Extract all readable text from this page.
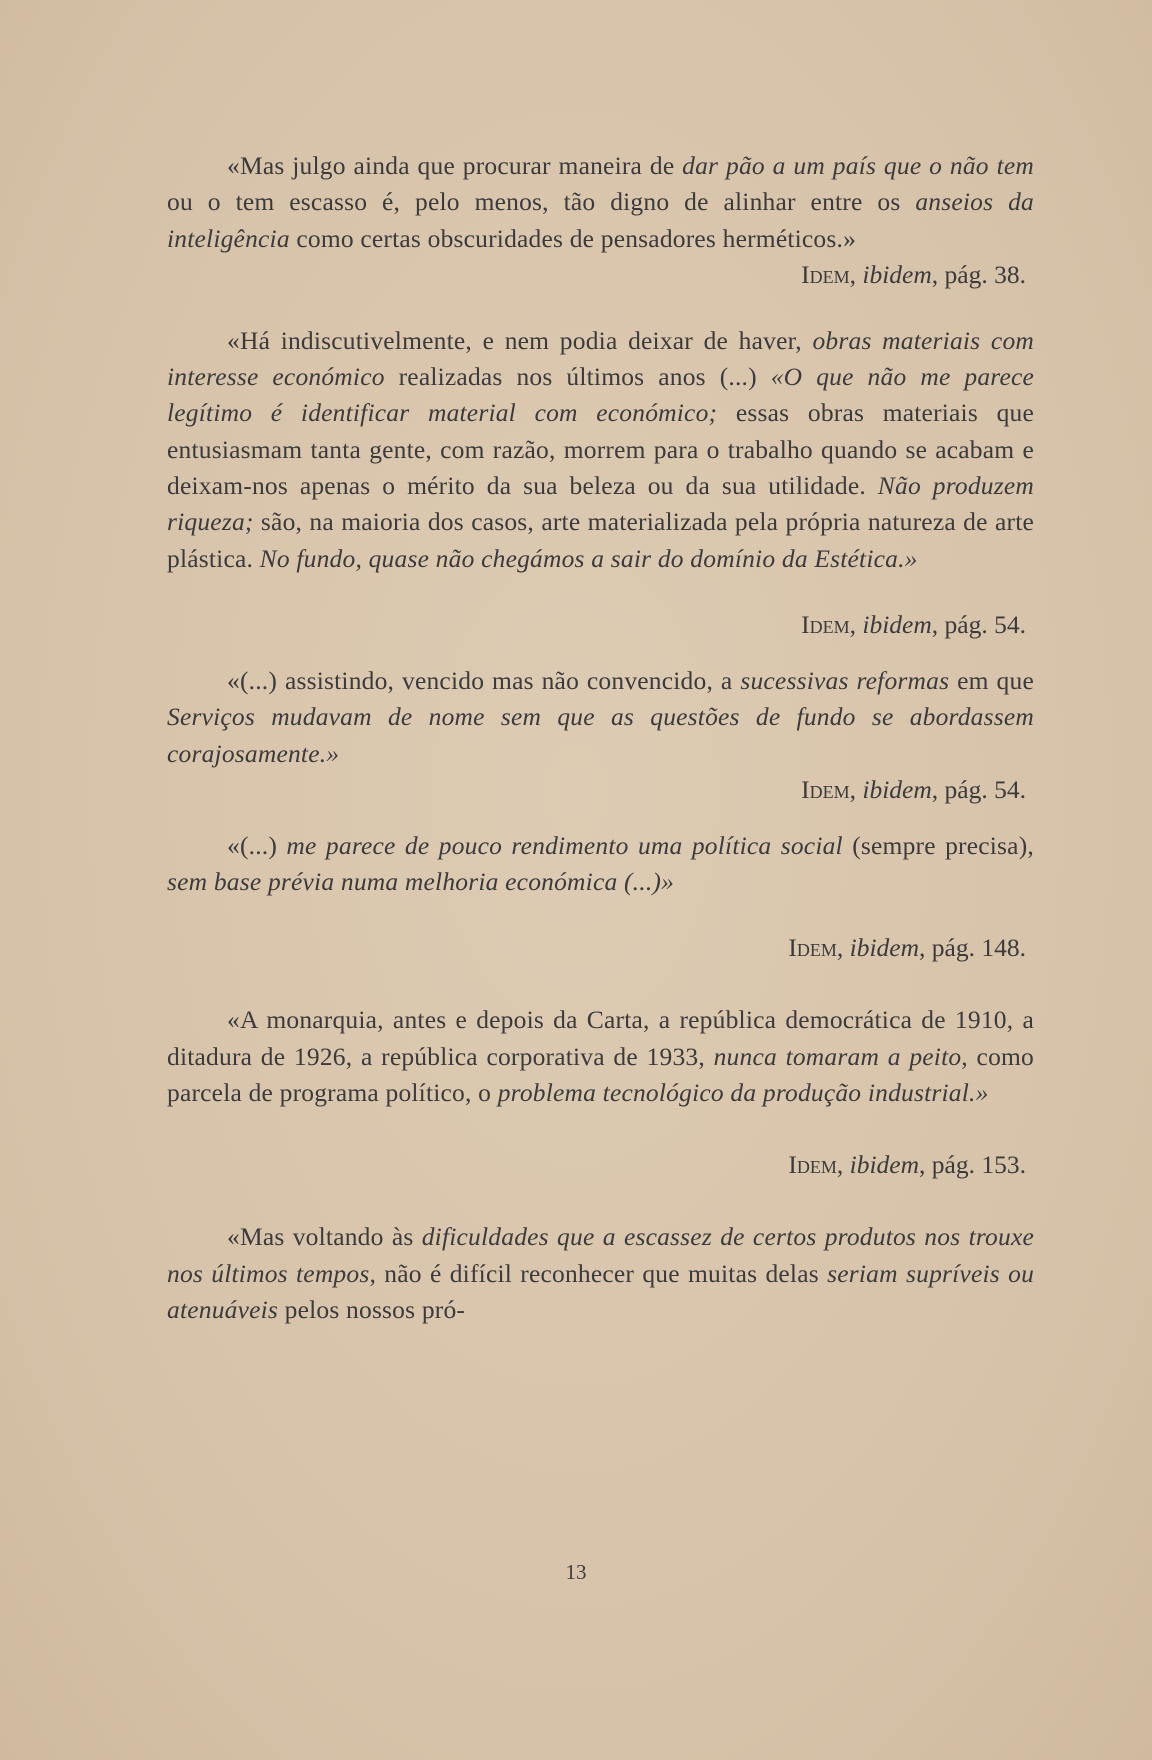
«Mas julgo ainda que procurar maneira de dar pão a um país que o não tem ou o tem escasso é, pelo menos, tão digno de alinhar entre os anseios da inteligência como certas obscuridades de pensadores herméticos.»

Idem, ibidem, pág. 38.

«Há indiscutivelmente, e nem podia deixar de haver, obras materiais com interesse económico realizadas nos últimos anos (...) «O que não me parece legítimo é identificar material com económico; essas obras materiais que entusiasmam tanta gente, com razão, morrem para o trabalho quando se acabam e deixam-nos apenas o mérito da sua beleza ou da sua utilidade. Não produzem riqueza; são, na maioria dos casos, arte materializada pela própria natureza de arte plástica. No fundo, quase não chegámos a sair do domínio da Estética.»

Idem, ibidem, pág. 54.

«(...) assistindo, vencido mas não convencido, a sucessivas reformas em que Serviços mudavam de nome sem que as questões de fundo se abordassem corajosamente.»

Idem, ibidem, pág. 54.

«(...) me parece de pouco rendimento uma política social (sempre precisa), sem base prévia numa melhoria económica (...)»

Idem, ibidem, pág. 148.

«A monarquia, antes e depois da Carta, a república democrática de 1910, a ditadura de 1926, a república corporativa de 1933, nunca tomaram a peito, como parcela de programa político, o problema tecnológico da produção industrial.»

Idem, ibidem, pág. 153.

«Mas voltando às dificuldades que a escassez de certos produtos nos trouxe nos últimos tempos, não é difícil reconhecer que muitas delas seriam supríveis ou atenuáveis pelos nossos pró-

13
